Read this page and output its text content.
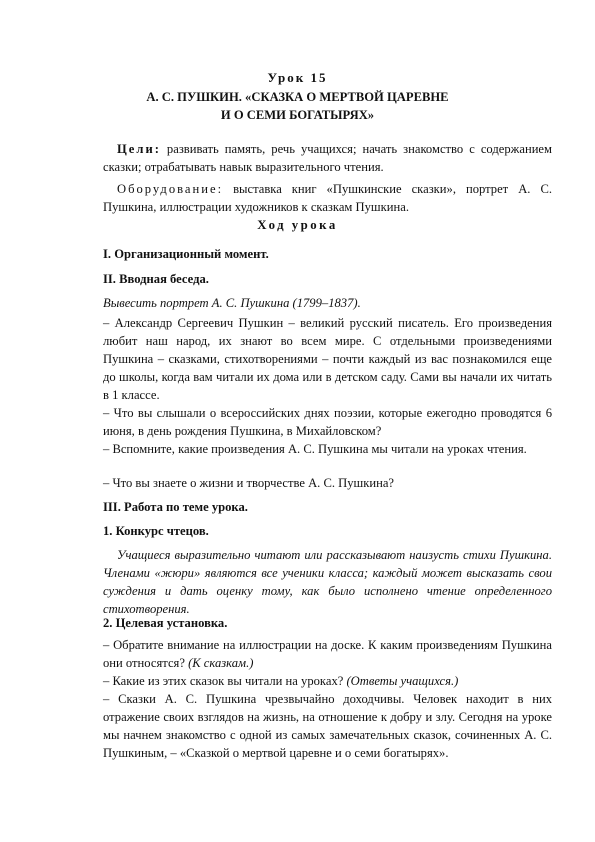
Урок 15
А. С. ПУШКИН. «СКАЗКА О МЕРТВОЙ ЦАРЕВНЕ
И О СЕМИ БОГАТЫРЯХ»

Цели: развивать память, речь учащихся; начать знакомство с содержанием сказки; отрабатывать навык выразительного чтения.

Оборудование: выставка книг «Пушкинские сказки», портрет А. С. Пушкина, иллюстрации художников к сказкам Пушкина.

Ход урока

I. Организационный момент.

II. Вводная беседа.

Вывесить портрет А. С. Пушкина (1799–1837).

– Александр Сергеевич Пушкин – великий русский писатель. Его произведения любит наш народ, их знают во всем мире. С отдельными произведениями Пушкина – сказками, стихотворениями – почти каждый из вас познакомился еще до школы, когда вам читали их дома или в детском саду. Сами вы начали их читать в 1 классе.

– Что вы слышали о всероссийских днях поэзии, которые ежегодно проводятся 6 июня, в день рождения Пушкина, в Михайловском?

– Вспомните, какие произведения А. С. Пушкина мы читали на уроках чтения.

– Что вы знаете о жизни и творчестве А. С. Пушкина?

III. Работа по теме урока.

1. Конкурс чтецов.

Учащиеся выразительно читают или рассказывают наизусть стихи Пушкина. Членами «жюри» являются все ученики класса; каждый может высказать свои суждения и дать оценку тому, как было исполнено чтение определенного стихотворения.

2. Целевая установка.

– Обратите внимание на иллюстрации на доске. К каким произведениям Пушкина они относятся? (К сказкам.)

– Какие из этих сказок вы читали на уроках? (Ответы учащихся.)

– Сказки А. С. Пушкина чрезвычайно доходчивы. Человек находит в них отражение своих взглядов на жизнь, на отношение к добру и злу. Сегодня на уроке мы начнем знакомство с одной из самых замечательных сказок, сочиненных А. С. Пушкиным, – «Сказкой о мертвой царевне и о семи богатырях».
